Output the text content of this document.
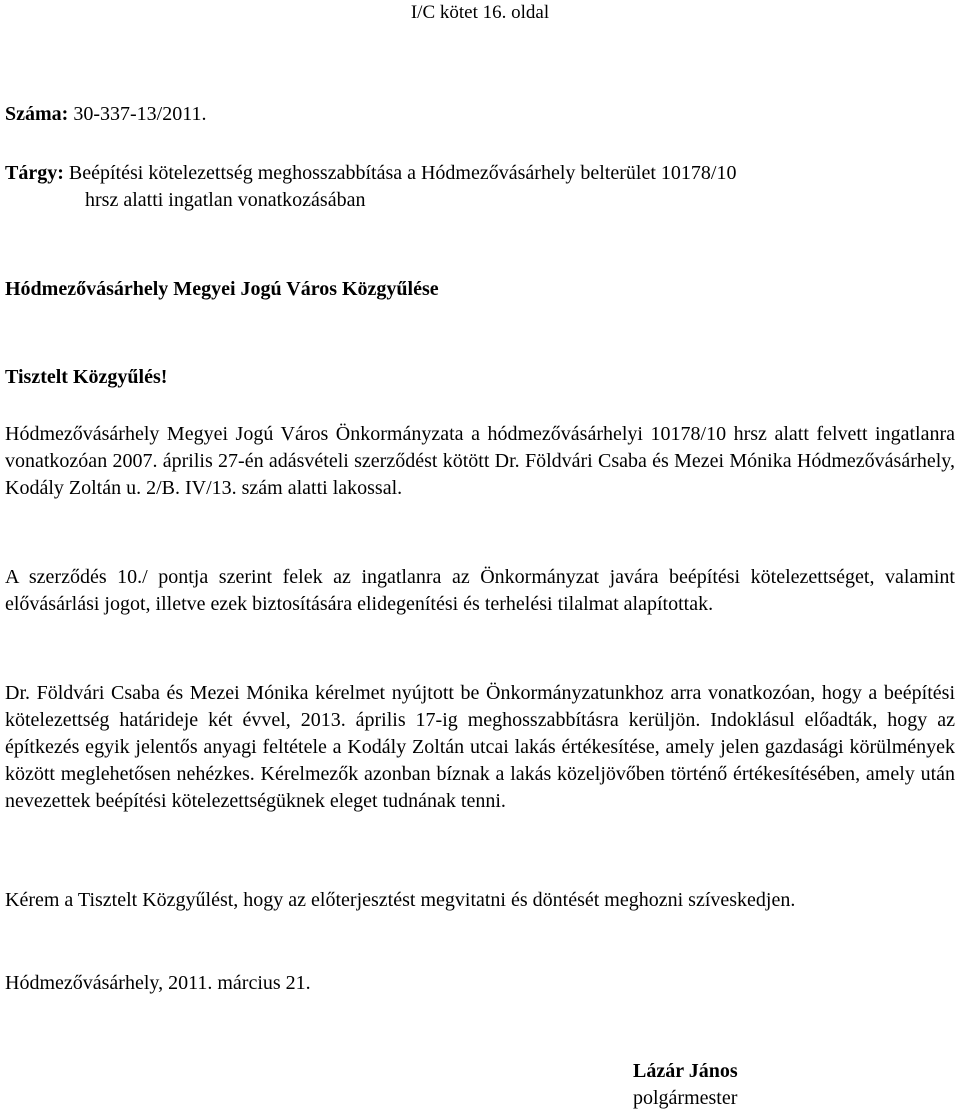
I/C kötet 16. oldal
Száma: 30-337-13/2011.
Tárgy: Beépítési kötelezettség meghosszabbítása a Hódmezővásárhely belterület 10178/10
hrsz alatti ingatlan vonatkozásában
Hódmezővásárhely Megyei Jogú Város Közgyűlése
Tisztelt Közgyűlés!
Hódmezővásárhely Megyei Jogú Város Önkormányzata a hódmezővásárhelyi 10178/10 hrsz alatt felvett ingatlanra vonatkozóan 2007. április 27-én adásvételi szerződést kötött Dr. Földvári Csaba és Mezei Mónika Hódmezővásárhely, Kodály Zoltán u. 2/B. IV/13. szám alatti lakossal.
A szerződés 10./ pontja szerint felek az ingatlanra az Önkormányzat javára beépítési kötelezettséget, valamint elővásárlási jogot, illetve ezek biztosítására elidegenítési és terhelési tilalmat alapítottak.
Dr. Földvári Csaba és Mezei Mónika kérelmet nyújtott be Önkormányzatunkhoz arra vonatkozóan, hogy a beépítési kötelezettség határideje két évvel, 2013. április 17-ig meghosszabbításra kerüljön. Indoklásul előadták, hogy az építkezés egyik jelentős anyagi feltétele a Kodály Zoltán utcai lakás értékesítése, amely jelen gazdasági körülmények között meglehetősen nehézkes. Kérelmezők azonban bíznak a lakás közeljövőben történő értékesítésében, amely után nevezettek beépítési kötelezettségüknek eleget tudnának tenni.
Kérem a Tisztelt Közgyűlést, hogy az előterjesztést megvitatni és döntését meghozni szíveskedjen.
Hódmezővásárhely, 2011. március 21.
Lázár János
polgármester
